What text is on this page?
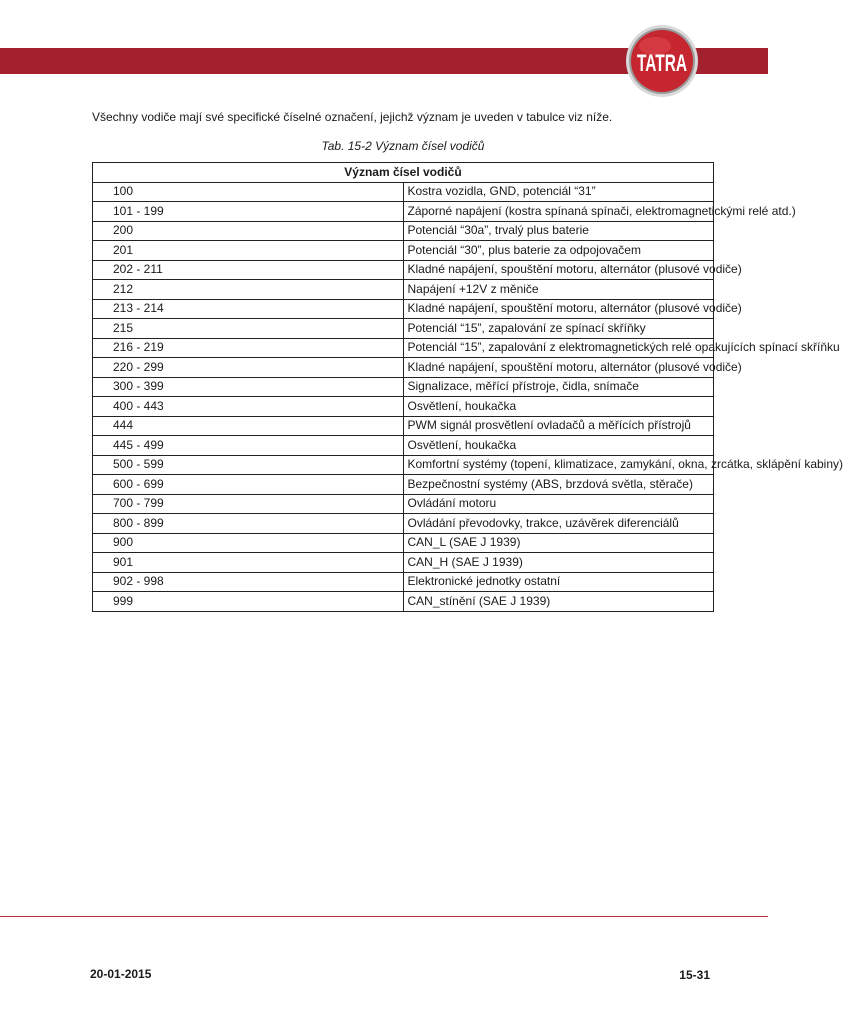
TATRA
Všechny vodiče mají své specifické číselné označení, jejichž význam je uveden v tabulce viz níže.
Tab. 15-2 Význam čísel vodičů
Význam čísel vodičů	
100	Kostra vozidla, GND, potenciál “31”
101 - 199	Záporné napájení (kostra spínaná spínači, elektromagnetickými relé atd.)
200	Potenciál “30a”, trvalý plus baterie
201	Potenciál “30”, plus baterie za odpojovačem
202 - 211	Kladné napájení, spouštění motoru, alternátor (plusové vodiče)
212	Napájení +12V z měniče
213 - 214	Kladné napájení, spouštění motoru, alternátor (plusové vodiče)
215	Potenciál “15”, zapalování ze spínací skříňky
216 - 219	Potenciál “15”, zapalování z elektromagnetických relé opakujících spínací skříňku
220 - 299	Kladné napájení, spouštění motoru, alternátor (plusové vodiče)
300 - 399	Signalizace, měřící přístroje, čidla, snímače
400 - 443	Osvětlení, houkačka
444	PWM signál prosvětlení ovladačů a měřících přístrojů
445 - 499	Osvětlení, houkačka
500 - 599	Komfortní systémy (topení, klimatizace, zamykání, okna, zrcátka, sklápění kabiny)
600 - 699	Bezpečnostní systémy (ABS, brzdová světla, stěrače)
700 - 799	Ovládání motoru
800 - 899	Ovládání převodovky, trakce, uzávěrek diferenciálů
900	CAN_L (SAE J 1939)
901	CAN_H (SAE J 1939)
902 - 998	Elektronické jednotky ostatní
999	CAN_stínění (SAE J 1939)
20-01-2015	15-31
